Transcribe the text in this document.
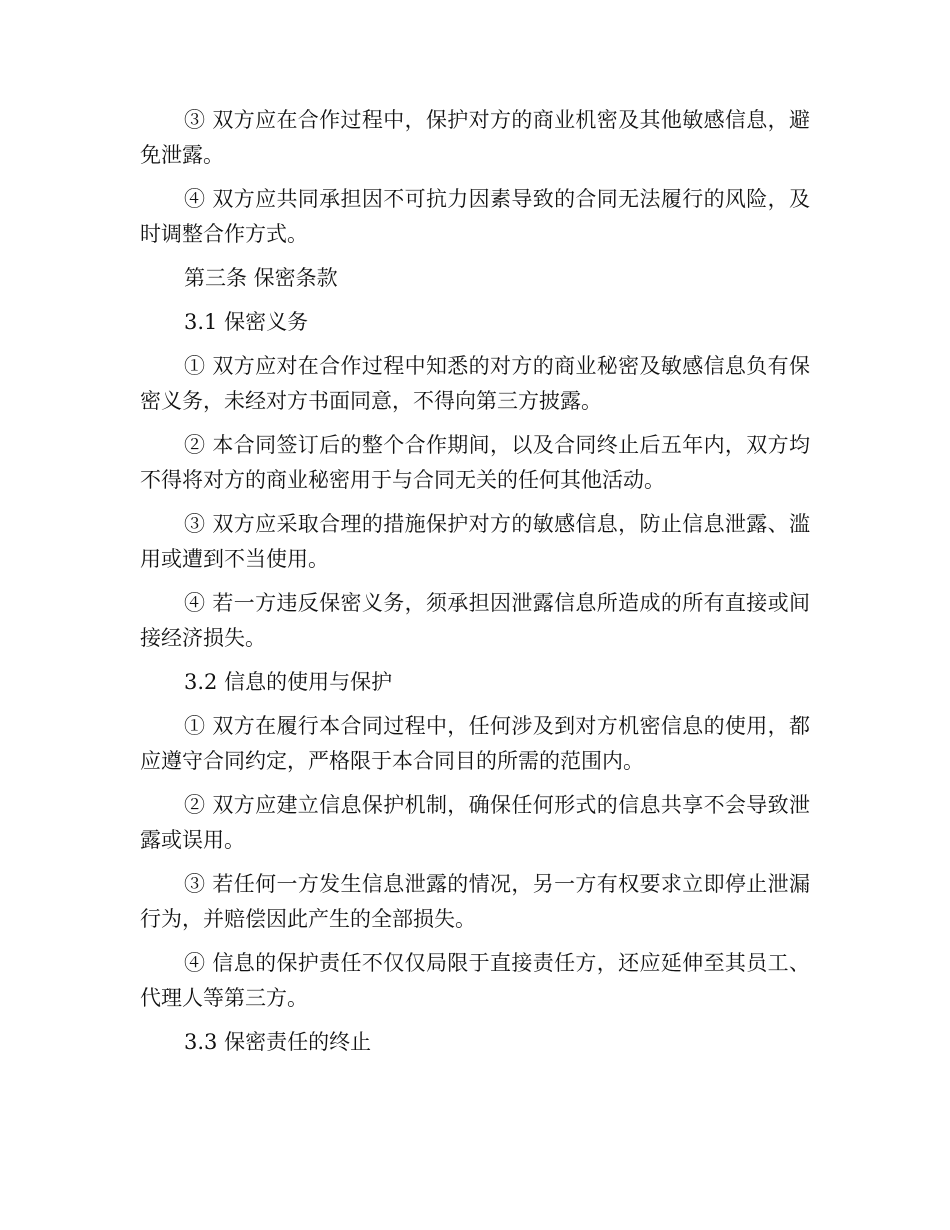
③ 双方应在合作过程中，保护对方的商业机密及其他敏感信息，避免泄露。

④ 双方应共同承担因不可抗力因素导致的合同无法履行的风险，及时调整合作方式。

第三条 保密条款

3.1 保密义务

① 双方应对在合作过程中知悉的对方的商业秘密及敏感信息负有保密义务，未经对方书面同意，不得向第三方披露。

② 本合同签订后的整个合作期间，以及合同终止后五年内，双方均不得将对方的商业秘密用于与合同无关的任何其他活动。

③ 双方应采取合理的措施保护对方的敏感信息，防止信息泄露、滥用或遭到不当使用。

④ 若一方违反保密义务，须承担因泄露信息所造成的所有直接或间接经济损失。

3.2 信息的使用与保护

① 双方在履行本合同过程中，任何涉及到对方机密信息的使用，都应遵守合同约定，严格限于本合同目的所需的范围内。

② 双方应建立信息保护机制，确保任何形式的信息共享不会导致泄露或误用。

③ 若任何一方发生信息泄露的情况，另一方有权要求立即停止泄漏行为，并赔偿因此产生的全部损失。

④ 信息的保护责任不仅仅局限于直接责任方，还应延伸至其员工、代理人等第三方。

3.3 保密责任的终止
